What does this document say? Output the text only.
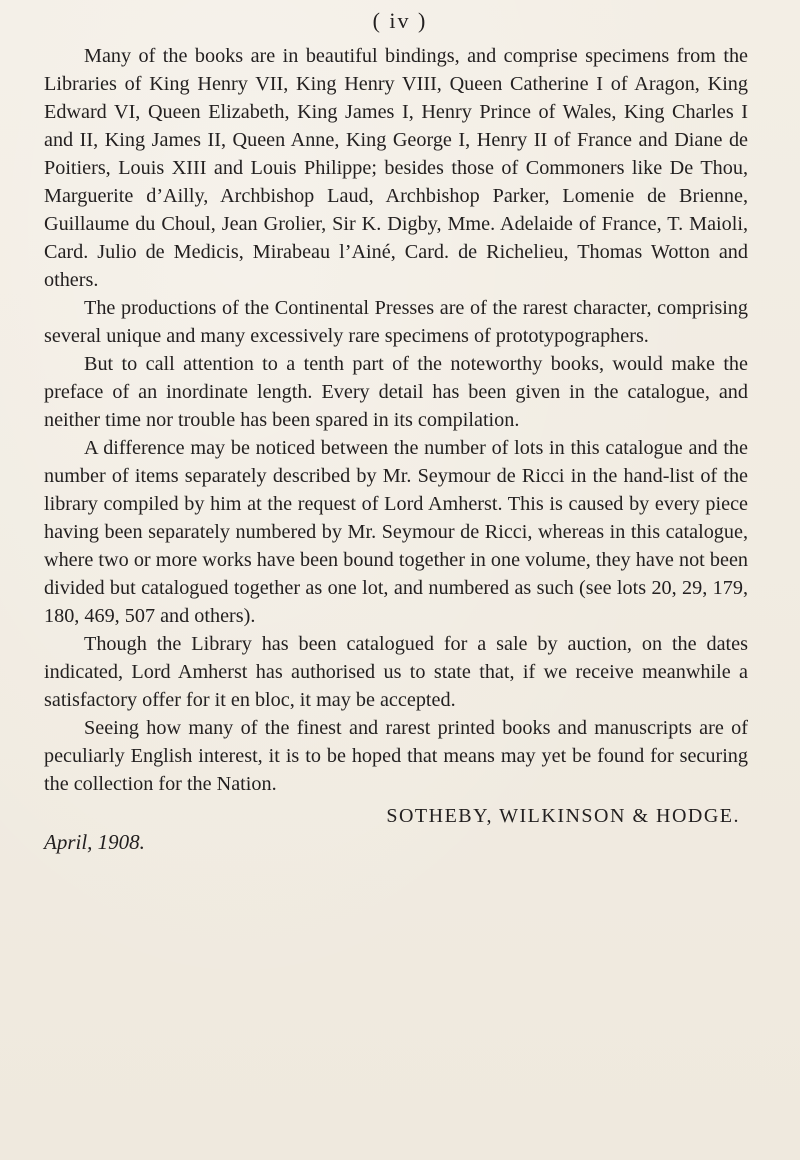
( iv )

Many of the books are in beautiful bindings, and comprise specimens from the Libraries of King Henry VII, King Henry VIII, Queen Catherine I of Aragon, King Edward VI, Queen Elizabeth, King James I, Henry Prince of Wales, King Charles I and II, King James II, Queen Anne, King George I, Henry II of France and Diane de Poitiers, Louis XIII and Louis Philippe; besides those of Commoners like De Thou, Marguerite d’Ailly, Archbishop Laud, Archbishop Parker, Lomenie de Brienne, Guillaume du Choul, Jean Grolier, Sir K. Digby, Mme. Adelaide of France, T. Maioli, Card. Julio de Medicis, Mirabeau l’Ainé, Card. de Richelieu, Thomas Wotton and others.

The productions of the Continental Presses are of the rarest character, comprising several unique and many excessively rare specimens of prototypographers.

But to call attention to a tenth part of the noteworthy books, would make the preface of an inordinate length. Every detail has been given in the catalogue, and neither time nor trouble has been spared in its compilation.

A difference may be noticed between the number of lots in this catalogue and the number of items separately described by Mr. Seymour de Ricci in the hand-list of the library compiled by him at the request of Lord Amherst. This is caused by every piece having been separately numbered by Mr. Seymour de Ricci, whereas in this catalogue, where two or more works have been bound together in one volume, they have not been divided but catalogued together as one lot, and numbered as such (see lots 20, 29, 179, 180, 469, 507 and others).

Though the Library has been catalogued for a sale by auction, on the dates indicated, Lord Amherst has authorised us to state that, if we receive meanwhile a satisfactory offer for it en bloc, it may be accepted.

Seeing how many of the finest and rarest printed books and manuscripts are of peculiarly English interest, it is to be hoped that means may yet be found for securing the collection for the Nation.

SOTHEBY, WILKINSON & HODGE.

April, 1908.
